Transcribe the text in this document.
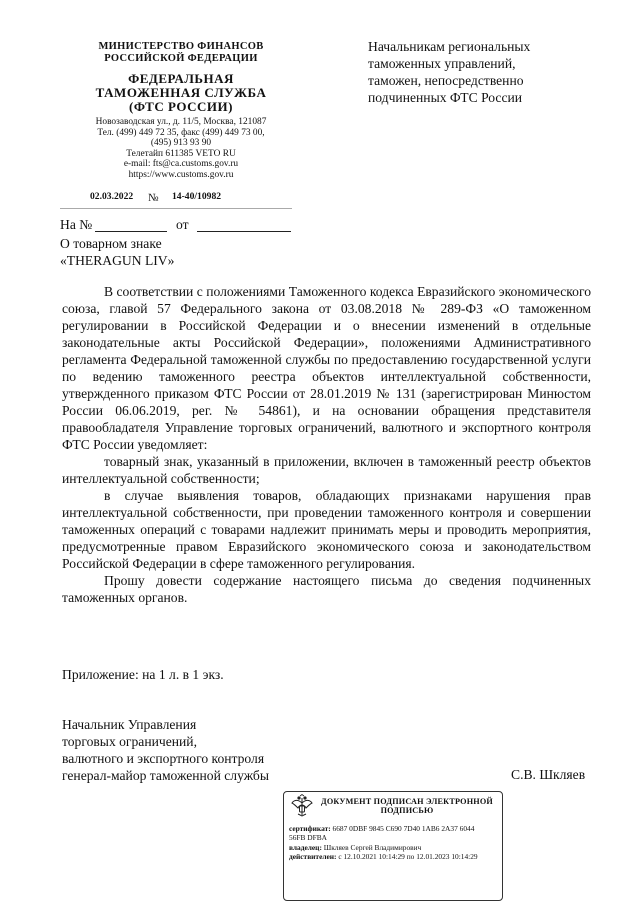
МИНИСТЕРСТВО ФИНАНСОВ
РОССИЙСКОЙ ФЕДЕРАЦИИ
ФЕДЕРАЛЬНАЯ
ТАМОЖЕННАЯ СЛУЖБА
(ФТС РОССИИ)
Новозаводская ул., д. 11/5, Москва, 121087
Тел. (499) 449 72 35, факс (499) 449 73 00,
(495) 913 93 90
Телетайп 611385 VETO RU
e-mail: fts@ca.customs.gov.ru
https://www.customs.gov.ru
02.03.2022 № 14-40/10982
Начальникам региональных
таможенных управлений,
таможен, непосредственно
подчиненных ФТС России
На №	от
О товарном знаке
«THERAGUN LIV»

В соответствии с положениями Таможенного кодекса Евразийского экономического союза, главой 57 Федерального закона от 03.08.2018 № 289-ФЗ «О таможенном регулировании в Российской Федерации и о внесении изменений в отдельные законодательные акты Российской Федерации», положениями Административного регламента Федеральной таможенной службы по предоставлению государственной услуги по ведению таможенного реестра объектов интеллектуальной собственности, утвержденного приказом ФТС России от 28.01.2019 № 131 (зарегистрирован Минюстом России 06.06.2019, рег. № 54861), и на основании обращения представителя правообладателя Управление торговых ограничений, валютного и экспортного контроля ФТС России уведомляет:

товарный знак, указанный в приложении, включен в таможенный реестр объектов интеллектуальной собственности;

в случае выявления товаров, обладающих признаками нарушения прав интеллектуальной собственности, при проведении таможенного контроля и совершении таможенных операций с товарами надлежит принимать меры и проводить мероприятия, предусмотренные правом Евразийского экономического союза и законодательством Российской Федерации в сфере таможенного регулирования.

Прошу довести содержание настоящего письма до сведения подчиненных таможенных органов.

Приложение: на 1 л. в 1 экз.
Начальник Управления
торговых ограничений,
валютного и экспортного контроля
генерал-майор таможенной службы	С.В. Шкляев
ДОКУМЕНТ ПОДПИСАН ЭЛЕКТРОННОЙ
ПОДПИСЬЮ
сертификат: 6687 0DBF 9845 C690 7D40 1AB6 2A37 6044
56FB DFBA
владелец: Шкляев Сергей Владимирович
действителен: с 12.10.2021 10:14:29 по 12.01.2023 10:14:29
